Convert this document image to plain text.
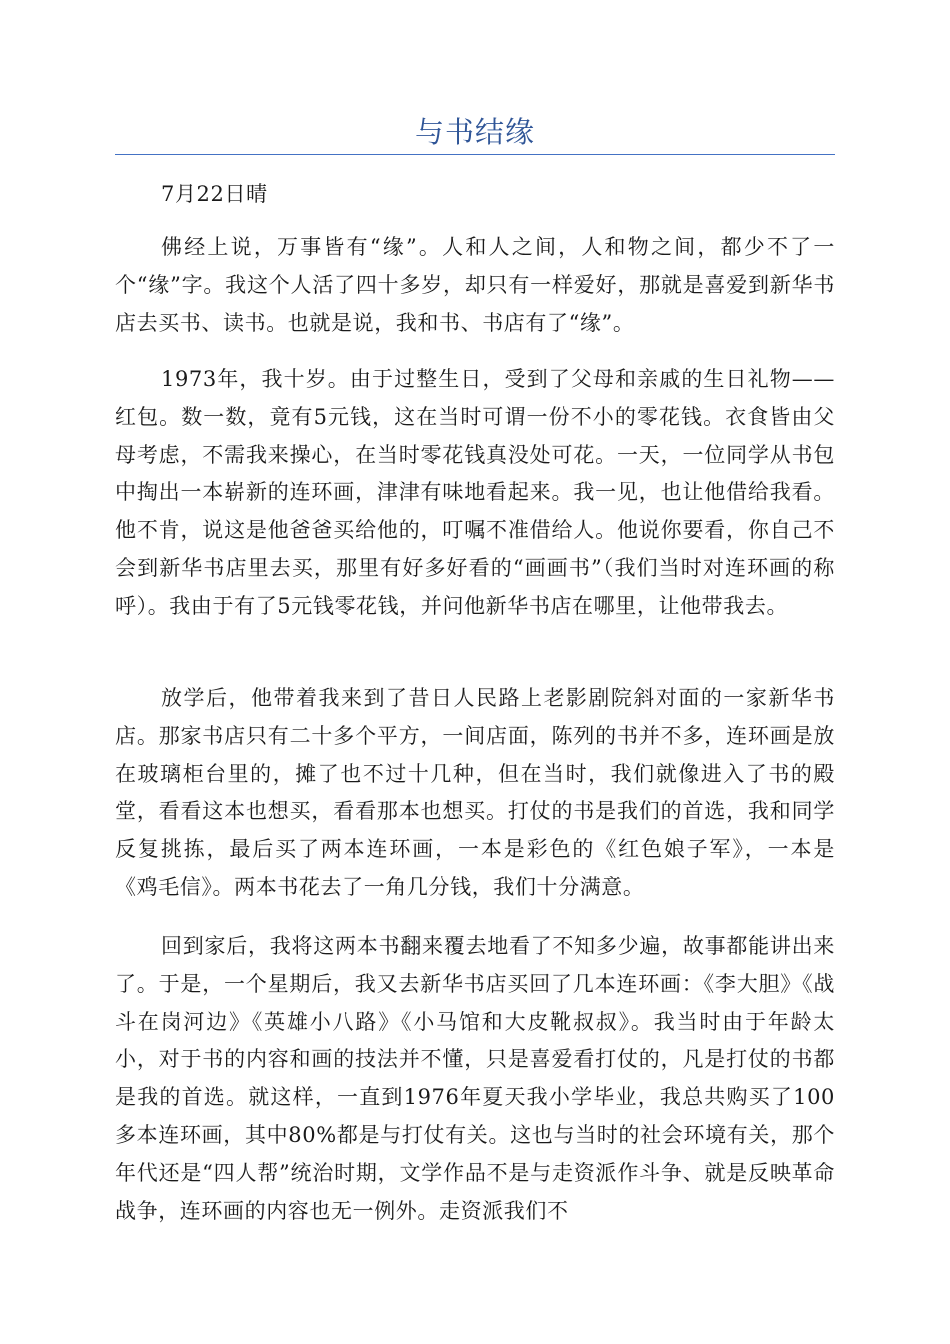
与书结缘

7月22日晴

佛经上说，万事皆有“缘”。人和人之间，人和物之间，都少不了一个“缘”字。我这个人活了四十多岁，却只有一样爱好，那就是喜爱到新华书店去买书、读书。也就是说，我和书、书店有了“缘”。

1973年，我十岁。由于过整生日，受到了父母和亲戚的生日礼物——红包。数一数，竟有5元钱，这在当时可谓一份不小的零花钱。衣食皆由父母考虑，不需我来操心，在当时零花钱真没处可花。一天，一位同学从书包中掏出一本崭新的连环画，津津有味地看起来。我一见，也让他借给我看。他不肯，说这是他爸爸买给他的，叮嘱不准借给人。他说你要看，你自己不会到新华书店里去买，那里有好多好看的“画画书”（我们当时对连环画的称呼）。我由于有了5元钱零花钱，并问他新华书店在哪里，让他带我去。

放学后，他带着我来到了昔日人民路上老影剧院斜对面的一家新华书店。那家书店只有二十多个平方，一间店面，陈列的书并不多，连环画是放在玻璃柜台里的，摊了也不过十几种，但在当时，我们就像进入了书的殿堂，看看这本也想买，看看那本也想买。打仗的书是我们的首选，我和同学反复挑拣，最后买了两本连环画，一本是彩色的《红色娘子军》，一本是《鸡毛信》。两本书花去了一角几分钱，我们十分满意。

回到家后，我将这两本书翻来覆去地看了不知多少遍，故事都能讲出来了。于是，一个星期后，我又去新华书店买回了几本连环画：《李大胆》《战斗在岗河边》《英雄小八路》《小马馆和大皮靴叔叔》。我当时由于年龄太小，对于书的内容和画的技法并不懂，只是喜爱看打仗的，凡是打仗的书都是我的首选。就这样，一直到1976年夏天我小学毕业，我总共购买了100多本连环画，其中80%都是与打仗有关。这也与当时的社会环境有关，那个年代还是“四人帮”统治时期，文学作品不是与走资派作斗争、就是反映革命战争，连环画的内容也无一例外。走资派我们不
